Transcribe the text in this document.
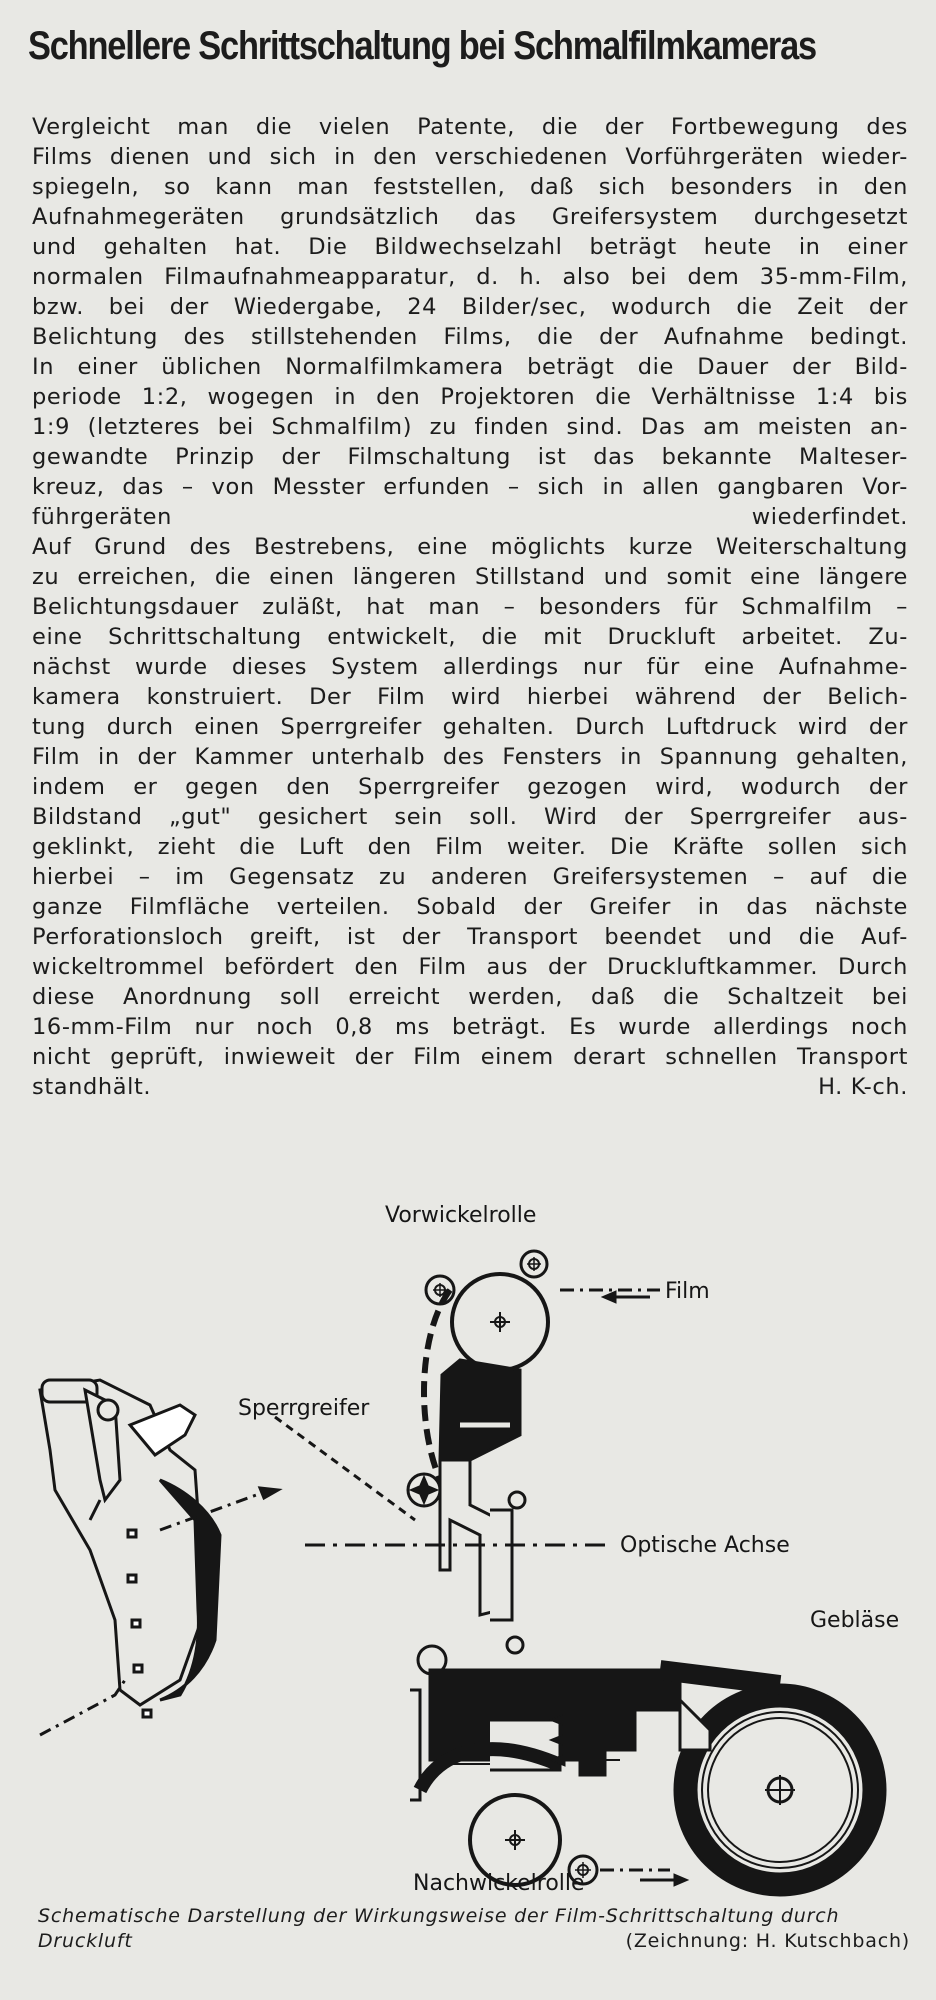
Schnellere Schrittschaltung bei Schmalfilmkameras
Vergleicht man die vielen Patente, die der Fortbewegung des
Films dienen und sich in den verschiedenen Vorführgeräten wieder-
spiegeln, so kann man feststellen, daß sich besonders in den
Aufnahmegeräten grundsätzlich das Greifersystem durchgesetzt
und gehalten hat. Die Bildwechselzahl beträgt heute in einer
normalen Filmaufnahmeapparatur, d. h. also bei dem 35-mm-Film,
bzw. bei der Wiedergabe, 24 Bilder/sec, wodurch die Zeit der
Belichtung des stillstehenden Films, die der Aufnahme bedingt.
In einer üblichen Normalfilmkamera beträgt die Dauer der Bild-
periode 1:2, wogegen in den Projektoren die Verhältnisse 1:4 bis
1:9 (letzteres bei Schmalfilm) zu finden sind. Das am meisten an-
gewandte Prinzip der Filmschaltung ist das bekannte Malteser-
kreuz, das – von Messter erfunden – sich in allen gangbaren Vor-
führgeräten wiederfindet.
Auf Grund des Bestrebens, eine möglichts kurze Weiterschaltung
zu erreichen, die einen längeren Stillstand und somit eine längere
Belichtungsdauer zuläßt, hat man – besonders für Schmalfilm –
eine Schrittschaltung entwickelt, die mit Druckluft arbeitet. Zu-
nächst wurde dieses System allerdings nur für eine Aufnahme-
kamera konstruiert. Der Film wird hierbei während der Belich-
tung durch einen Sperrgreifer gehalten. Durch Luftdruck wird der
Film in der Kammer unterhalb des Fensters in Spannung gehalten,
indem er gegen den Sperrgreifer gezogen wird, wodurch der
Bildstand „gut" gesichert sein soll. Wird der Sperrgreifer aus-
geklinkt, zieht die Luft den Film weiter. Die Kräfte sollen sich
hierbei – im Gegensatz zu anderen Greifersystemen – auf die
ganze Filmfläche verteilen. Sobald der Greifer in das nächste
Perforationsloch greift, ist der Transport beendet und die Auf-
wickeltrommel befördert den Film aus der Druckluftkammer. Durch
diese Anordnung soll erreicht werden, daß die Schaltzeit bei
16-mm-Film nur noch 0,8 ms beträgt. Es wurde allerdings noch
nicht geprüft, inwieweit der Film einem derart schnellen Transport
standhält.	H. K-ch.
Vorwickelrolle
Film
Sperrgreifer
Optische Achse
Gebläse
Nachwickelrolle
Schematische Darstellung der Wirkungsweise der Film-Schrittschaltung durch
Druckluft	(Zeichnung: H. Kutschbach)
